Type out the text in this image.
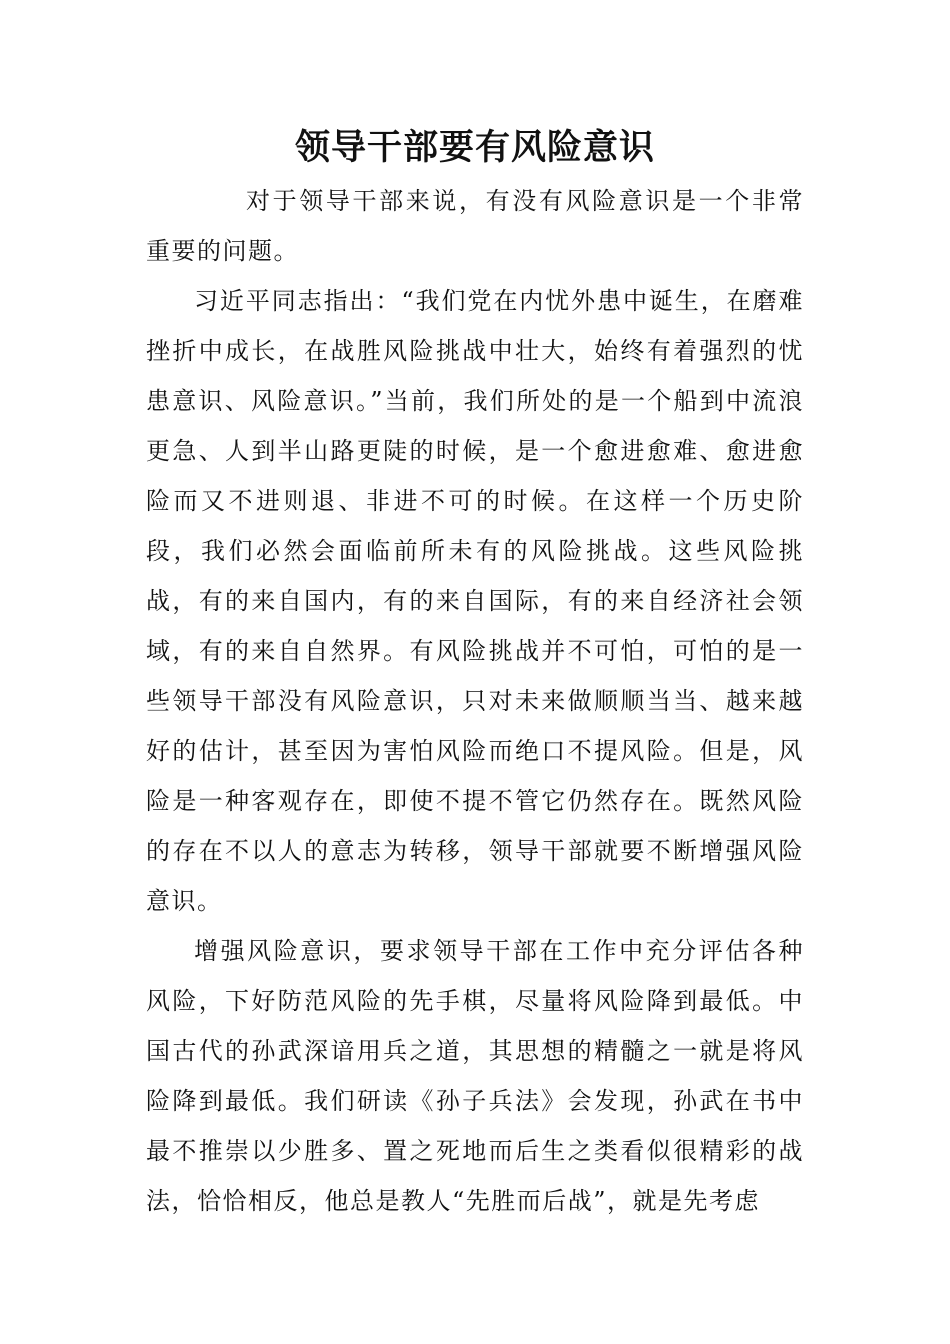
领导干部要有风险意识

对于领导干部来说，有没有风险意识是一个非常重要的问题。

习近平同志指出：“我们党在内忧外患中诞生，在磨难挫折中成长，在战胜风险挑战中壮大，始终有着强烈的忧患意识、风险意识。”当前，我们所处的是一个船到中流浪更急、人到半山路更陡的时候，是一个愈进愈难、愈进愈险而又不进则退、非进不可的时候。在这样一个历史阶段，我们必然会面临前所未有的风险挑战。这些风险挑战，有的来自国内，有的来自国际，有的来自经济社会领域，有的来自自然界。有风险挑战并不可怕，可怕的是一些领导干部没有风险意识，只对未来做顺顺当当、越来越好的估计，甚至因为害怕风险而绝口不提风险。但是，风险是一种客观存在，即使不提不管它仍然存在。既然风险的存在不以人的意志为转移，领导干部就要不断增强风险意识。

增强风险意识，要求领导干部在工作中充分评估各种风险，下好防范风险的先手棋，尽量将风险降到最低。中国古代的孙武深谙用兵之道，其思想的精髓之一就是将风险降到最低。我们研读《孙子兵法》会发现，孙武在书中最不推崇以少胜多、置之死地而后生之类看似很精彩的战法，恰恰相反，他总是教人“先胜而后战”，就是先考虑
